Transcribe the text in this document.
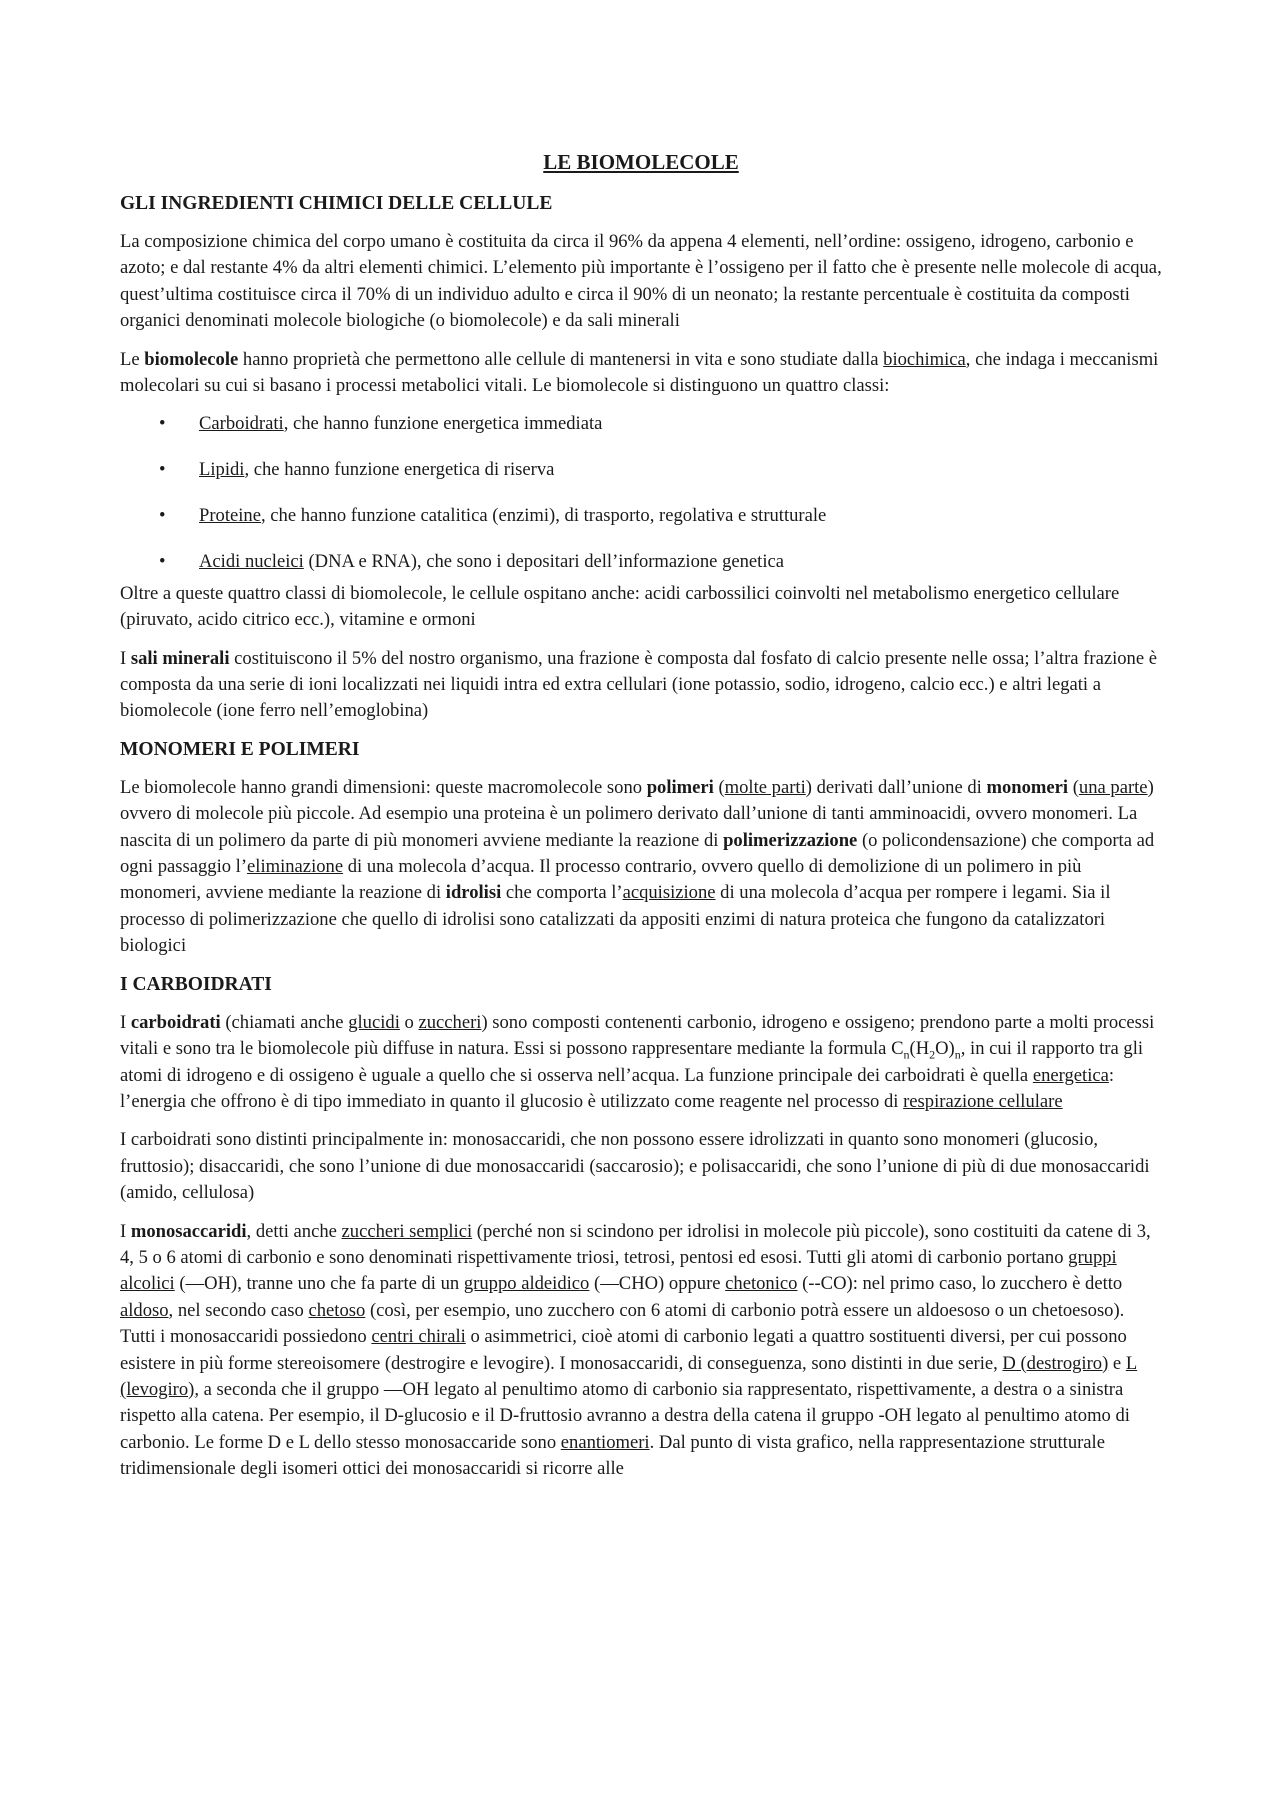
LE BIOMOLECOLE
GLI INGREDIENTI CHIMICI DELLE CELLULE

La composizione chimica del corpo umano è costituita da circa il 96% da appena 4 elementi, nell’ordine: ossigeno, idrogeno, carbonio e azoto; e dal restante 4% da altri elementi chimici. L’elemento più importante è l’ossigeno per il fatto che è presente nelle molecole di acqua, quest’ultima costituisce circa il 70% di un individuo adulto e circa il 90% di un neonato; la restante percentuale è costituita da composti organici denominati molecole biologiche (o biomolecole) e da sali minerali

Le biomolecole hanno proprietà che permettono alle cellule di mantenersi in vita e sono studiate dalla biochimica, che indaga i meccanismi molecolari su cui si basano i processi metabolici vitali. Le biomolecole si distinguono un quattro classi:

• Carboidrati, che hanno funzione energetica immediata
• Lipidi, che hanno funzione energetica di riserva
• Proteine, che hanno funzione catalitica (enzimi), di trasporto, regolativa e strutturale
• Acidi nucleici (DNA e RNA), che sono i depositari dell’informazione genetica

Oltre a queste quattro classi di biomolecole, le cellule ospitano anche: acidi carbossilici coinvolti nel metabolismo energetico cellulare (piruvato, acido citrico ecc.), vitamine e ormoni

I sali minerali costituiscono il 5% del nostro organismo, una frazione è composta dal fosfato di calcio presente nelle ossa; l’altra frazione è composta da una serie di ioni localizzati nei liquidi intra ed extra cellulari (ione potassio, sodio, idrogeno, calcio ecc.) e altri legati a biomolecole (ione ferro nell’emoglobina)

MONOMERI E POLIMERI

Le biomolecole hanno grandi dimensioni: queste macromolecole sono polimeri (molte parti) derivati dall’unione di monomeri (una parte) ovvero di molecole più piccole. Ad esempio una proteina è un polimero derivato dall’unione di tanti amminoacidi, ovvero monomeri. La nascita di un polimero da parte di più monomeri avviene mediante la reazione di polimerizzazione (o policondensazione) che comporta ad ogni passaggio l’eliminazione di una molecola d’acqua. Il processo contrario, ovvero quello di demolizione di un polimero in più monomeri, avviene mediante la reazione di idrolisi che comporta l’acquisizione di una molecola d’acqua per rompere i legami. Sia il processo di polimerizzazione che quello di idrolisi sono catalizzati da appositi enzimi di natura proteica che fungono da catalizzatori biologici

I CARBOIDRATI

I carboidrati (chiamati anche glucidi o zuccheri) sono composti contenenti carbonio, idrogeno e ossigeno; prendono parte a molti processi vitali e sono tra le biomolecole più diffuse in natura. Essi si possono rappresentare mediante la formula $C_n(H_2O)_n$, in cui il rapporto tra gli atomi di idrogeno e di ossigeno è uguale a quello che si osserva nell’acqua. La funzione principale dei carboidrati è quella energetica: l’energia che offrono è di tipo immediato in quanto il glucosio è utilizzato come reagente nel processo di respirazione cellulare

I carboidrati sono distinti principalmente in: monosaccaridi, che non possono essere idrolizzati in quanto sono monomeri (glucosio, fruttosio); disaccaridi, che sono l’unione di due monosaccaridi (saccarosio); e polisaccaridi, che sono l’unione di più di due monosaccaridi (amido, cellulosa)

I monosaccaridi, detti anche zuccheri semplici (perché non si scindono per idrolisi in molecole più piccole), sono costituiti da catene di 3, 4, 5 o 6 atomi di carbonio e sono denominati rispettivamente triosi, tetrosi, pentosi ed esosi. Tutti gli atomi di carbonio portano gruppi alcolici (—OH), tranne uno che fa parte di un gruppo aldeidico (—CHO) oppure chetonico (--CO): nel primo caso, lo zucchero è detto aldoso, nel secondo caso chetoso (così, per esempio, uno zucchero con 6 atomi di carbonio potrà essere un aldoesoso o un chetoesoso). Tutti i monosaccaridi possiedono centri chirali o asimmetrici, cioè atomi di carbonio legati a quattro sostituenti diversi, per cui possono esistere in più forme stereoisomere (destrogire e levogire). I monosaccaridi, di conseguenza, sono distinti in due serie, D (destrogiro) e L (levogiro), a seconda che il gruppo —OH legato al penultimo atomo di carbonio sia rappresentato, rispettivamente, a destra o a sinistra rispetto alla catena. Per esempio, il D-glucosio e il D-fruttosio avranno a destra della catena il gruppo -OH legato al penultimo atomo di carbonio. Le forme D e L dello stesso monosaccaride sono enantiomeri. Dal punto di vista grafico, nella rappresentazione strutturale tridimensionale degli isomeri ottici dei monosaccaridi si ricorre alle
